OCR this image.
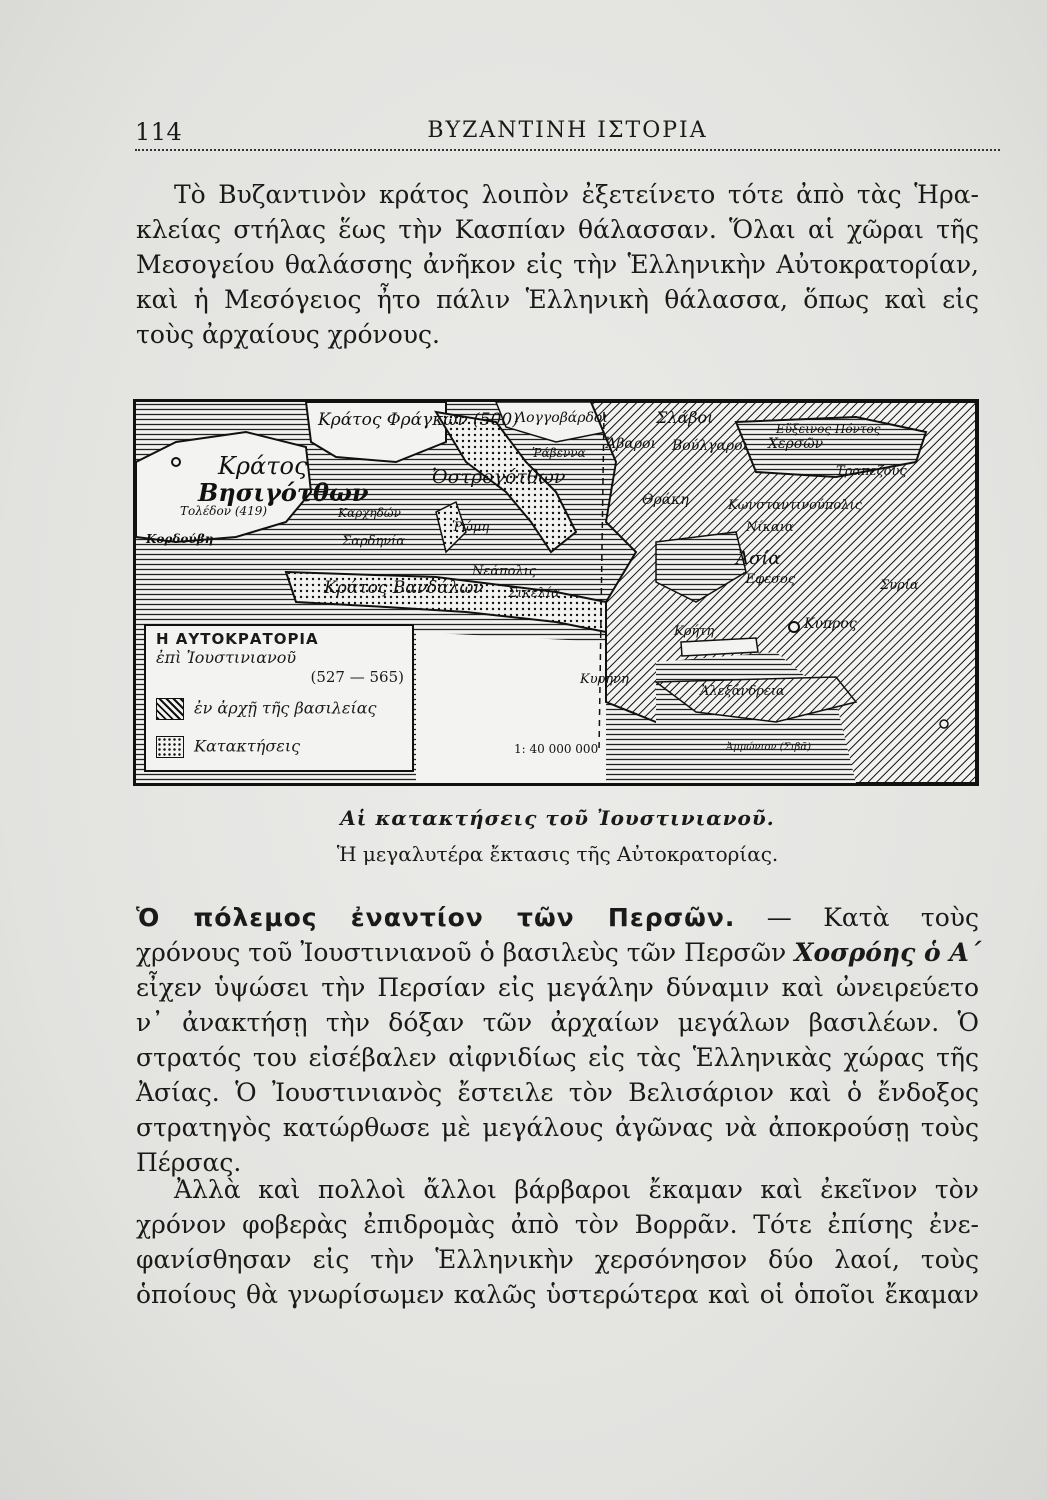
114	ΒΥΖΑΝΤΙΝΗ ΙΣΤΟΡΙΑ
Τὸ Βυζαντινὸν κράτος λοιπὸν ἐξετείνετο τότε ἀπὸ τὰς Ἡρα-
κλείας στήλας ἕως τὴν Κασπίαν θάλασσαν. Ὅλαι αἱ χῶραι τῆς
Μεσογείου θαλάσσης ἀνῆκον εἰς τὴν Ἑλληνικὴν Αὐτοκρατορίαν,
καὶ ἡ Μεσόγειος ἦτο πάλιν Ἑλληνικὴ θάλασσα, ὅπως καὶ εἰς
τοὺς ἀρχαίους χρόνους.
Κράτος
Βησιγότθων
Τολέδον (419)
Κορδούβη
Κράτος Φράγκων (500)
Καρχηδών
Σαρδηνία
Κράτος Βανδάλων
Ὀστρογότθων
Λογγοβάρδοι
Ῥώμη
Νεάπολις
Σικελία
Ῥάβεννα
Σλάβοι
Ἄβαροι Βούλγαροι Χερσῶν
Θράκη	Κωνσταντινούπολις
Τραπεζοῦς
Εὔξεινος Πόντος
Ἀσία
Νίκαια
Ἔφεσος
Κρήτη	Κύπρος
Κυρήνη
Ἀλεξάνδρεια
Ἀμμώνιον (Σιβᾶ)
Συρία
1: 40 000 000
Η ΑΥΤΟΚΡΑΤΟΡΙΑ
ἐπὶ Ἰουστινιανοῦ
(527 — 565)
ἐν ἀρχῇ τῆς βασιλείας
Κατακτήσεις
Αἱ κατακτήσεις τοῦ Ἰουστινιανοῦ.
Ἡ μεγαλυτέρα ἔκτασις τῆς Αὐτοκρατορίας.
Ὁ πόλεμος ἐναντίον τῶν Περσῶν. — Κατὰ τοὺς
χρόνους τοῦ Ἰουστινιανοῦ ὁ βασιλεὺς τῶν Περσῶν Χοσρόης ὁ Α΄
εἶχεν ὑψώσει τὴν Περσίαν εἰς μεγάλην δύναμιν καὶ ὠνειρεύετο
ν᾽ ἀνακτήσῃ τὴν δόξαν τῶν ἀρχαίων μεγάλων βασιλέων. Ὁ
στρατός του εἰσέβαλεν αἰφνιδίως εἰς τὰς Ἑλληνικὰς χώρας τῆς
Ἀσίας. Ὁ Ἰουστινιανὸς ἔστειλε τὸν Βελισάριον καὶ ὁ ἔνδοξος
στρατηγὸς κατώρθωσε μὲ μεγάλους ἀγῶνας νὰ ἀποκρούσῃ τοὺς
Πέρσας.
Ἀλλὰ καὶ πολλοὶ ἄλλοι βάρβαροι ἔκαμαν καὶ ἐκεῖνον τὸν
χρόνον φοβερὰς ἐπιδρομὰς ἀπὸ τὸν Βορρᾶν. Τότε ἐπίσης ἐνε-
φανίσθησαν εἰς τὴν Ἑλληνικὴν χερσόνησον δύο λαοί, τοὺς
ὁποίους θὰ γνωρίσωμεν καλῶς ὑστερώτερα καὶ οἱ ὁποῖοι ἔκαμαν
